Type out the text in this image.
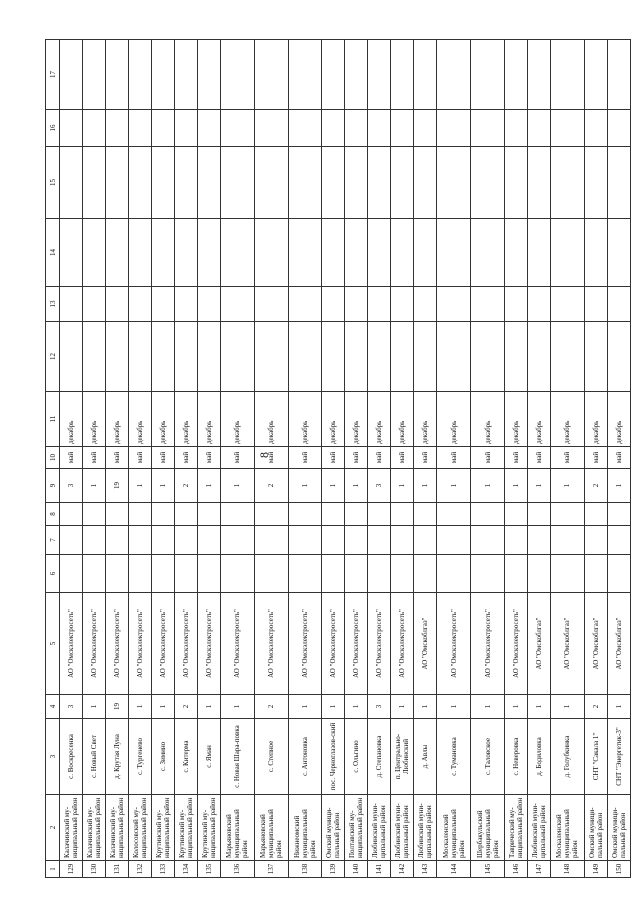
8
1	2	3	4	5	6	7	8	9	10	11	12	13	14	15	16	17
129	Калачинский му-ниципальный район	с. Воскресенка	3	АО "Омскэлектросеть"				3	май	декабрь						
130	Калачинский му-ниципальный район	с. Новый Свет	1	АО "Омскэлектросеть"				1	май	декабрь						
131	Калачинский му-ниципальный район	д. Крутая Луна	19	АО "Омскэлектросеть"				19	май	декабрь						
132	Колосовский му-ниципальный район	с. Тургенево	1	АО "Омскэлектросеть"				1	май	декабрь						
133	Крутинский му-ниципальный район	с. Зимино	1	АО "Омскэлектросеть"				1	май	декабрь						
134	Крутинский му-ниципальный район	с. Китерма	2	АО "Омскэлектросеть"				2	май	декабрь						
135	Крутинский му-ниципальный район	с. Яман	1	АО "Омскэлектросеть"				1	май	декабрь						
136	Марьяновский муниципальный район	с. Новая Шара-повка	1	АО "Омскэлектросеть"				1	май	декабрь						
137	Марьяновский муниципальный район	с. Степное	2	АО "Омскэлектросеть"				2	май	декабрь						
138	Нижнеомский муниципальный район	с. Антоновка	1	АО "Омскэлектросеть"				1	май	декабрь						
139	Омский муници-пальный район	пос. Черноглазов-ский	1	АО "Омскэлектросеть"				1	май	декабрь						
140	Полтавский му-ниципальный район	с. Ольгино	1	АО "Омскэлектросеть"				1	май	декабрь						
141	Любинский муни-ципальный район	д. Степановка	3	АО "Омскэлектросеть"				3	май	декабрь						
142	Любинский муни-ципальный район	п. Центрально-Любинский	1	АО "Омскэлектросеть"				1	май	декабрь						
143	Любинский муни-ципальный район	д. Авлы	1	АО "Омскоблгаз"				1	май	декабрь						
144	Москаленский муниципальный район	с. Тумановка	1	АО "Омскэлектросеть"				1	май	декабрь						
145	Шербакульский муниципальный район	с. Таловское	1	АО "Омскэлектросеть"				1	май	декабрь						
146	Таврический му-ниципальный район	с. Неверовка	1	АО "Омскэлектросеть"				1	май	декабрь						
147	Любинский муни-ципальный район	д. Бодиловка	1	АО "Омскоблгаз"				1	май	декабрь						
148	Москаленский муниципальный район	д. Голубкинка	1	АО "Омскоблгаз"				1	май	декабрь						
149	Омский муници-пальный район	СНТ "Сакала 1"	2	АО "Омскоблгаз"				2	май	декабрь						
150	Омский муници-пальный район	СНТ "Энергетик-3"	1	АО "Омскоблгаз"				1	май	декабрь						
